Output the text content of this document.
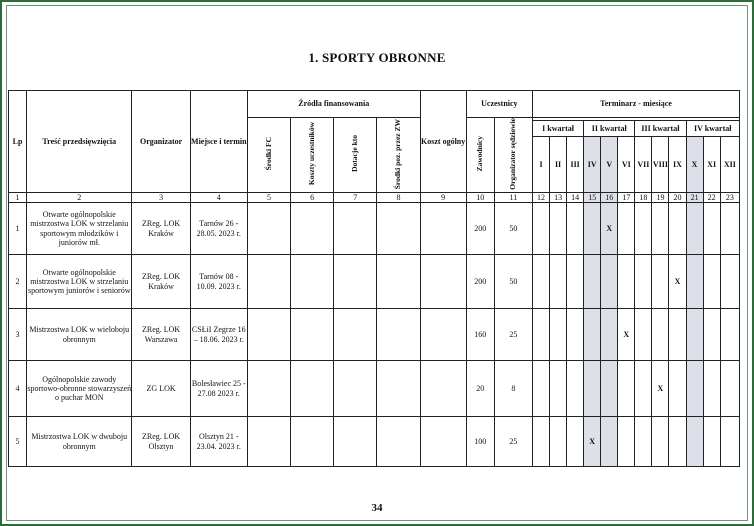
1. SPORTY OBRONNE
Lp	Treść przedsięwzięcia	Organizator	Miejsce i termin	Źródła finansowania				Koszt ogólny	Uczestnicy		Terminarz - miesiące											
				Środki FC	Koszty uczestników	Dotacje kto	Środki poz. przez ZW		Zawodnicy	Organizator sędziowie												
											I kwartał			II kwartał			III kwartał			IV kwartał		
											I	II	III	IV	V	VI	VII	VIII	IX	X	XI	XII
1	2	3	4	5	6	7	8	9	10	11	12	13	14	15	16	17	18	19	20	21	22	23
1	Otwarte ogólnopolskie mistrzostwa LOK w strzelaniu sportowym młodzików i juniorów mł.	ZReg. LOK Kraków	Tarnów 26 - 28.05. 2023 r.						200	50					X							
2	Otwarte ogólnopolskie mistrzostwa LOK w strzelaniu sportowym juniorów i seniorów	ZReg. LOK Kraków	Tarnów 08 - 10.09. 2023 r.						200	50									X			
3	Mistrzostwa LOK w wieloboju obronnym	ZReg. LOK Warszawa	CSŁiI Zegrze 16 – 18.06. 2023 r.						160	25						X						
4	Ogólnopolskie zawody sportowo-obronne stowarzyszeń o puchar MON	ZG LOK	Bolesławiec 25 - 27.08 2023 r.						20	8								X				
5	Mistrzostwa LOK w dwuboju obronnym	ZReg. LOK Olsztyn	Olsztyn 21 - 23.04. 2023 r.						100	25				X								
34
